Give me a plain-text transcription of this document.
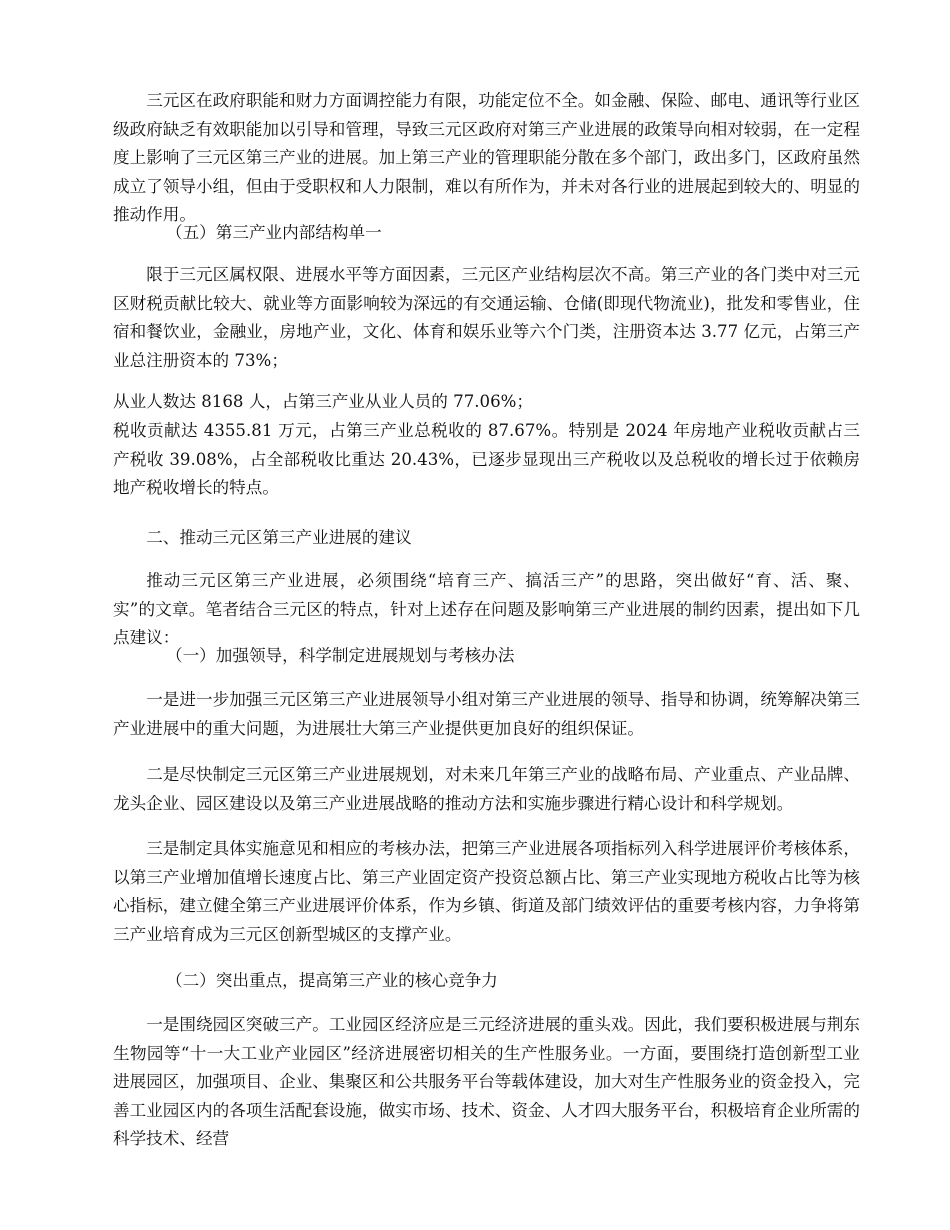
三元区在政府职能和财力方面调控能力有限，功能定位不全。如金融、保险、邮电、通讯等行业区级政府缺乏有效职能加以引导和管理，导致三元区政府对第三产业进展的政策导向相对较弱，在一定程度上影响了三元区第三产业的进展。加上第三产业的管理职能分散在多个部门，政出多门，区政府虽然成立了领导小组，但由于受职权和人力限制，难以有所作为，并未对各行业的进展起到较大的、明显的推动作用。
（五）第三产业内部结构单一
限于三元区属权限、进展水平等方面因素，三元区产业结构层次不高。第三产业的各门类中对三元区财税贡献比较大、就业等方面影响较为深远的有交通运输、仓储(即现代物流业)，批发和零售业，住宿和餐饮业，金融业，房地产业，文化、体育和娱乐业等六个门类，注册资本达 3.77 亿元，占第三产业总注册资本的 73%；
从业人数达 8168 人，占第三产业从业人员的 77.06%；
税收贡献达 4355.81 万元，占第三产业总税收的 87.67%。特别是 2024 年房地产业税收贡献占三产税收 39.08%，占全部税收比重达 20.43%，已逐步显现出三产税收以及总税收的增长过于依赖房地产税收增长的特点。
二、推动三元区第三产业进展的建议
推动三元区第三产业进展，必须围绕“培育三产、搞活三产”的思路，突出做好“育、活、聚、实”的文章。笔者结合三元区的特点，针对上述存在问题及影响第三产业进展的制约因素，提出如下几点建议：
（一）加强领导，科学制定进展规划与考核办法
一是进一步加强三元区第三产业进展领导小组对第三产业进展的领导、指导和协调，统筹解决第三产业进展中的重大问题，为进展壮大第三产业提供更加良好的组织保证。
二是尽快制定三元区第三产业进展规划，对未来几年第三产业的战略布局、产业重点、产业品牌、龙头企业、园区建设以及第三产业进展战略的推动方法和实施步骤进行精心设计和科学规划。
三是制定具体实施意见和相应的考核办法，把第三产业进展各项指标列入科学进展评价考核体系，以第三产业增加值增长速度占比、第三产业固定资产投资总额占比、第三产业实现地方税收占比等为核心指标，建立健全第三产业进展评价体系，作为乡镇、街道及部门绩效评估的重要考核内容，力争将第三产业培育成为三元区创新型城区的支撑产业。
（二）突出重点，提高第三产业的核心竞争力
一是围绕园区突破三产。工业园区经济应是三元经济进展的重头戏。因此，我们要积极进展与荆东生物园等“十一大工业产业园区”经济进展密切相关的生产性服务业。一方面，要围绕打造创新型工业进展园区，加强项目、企业、集聚区和公共服务平台等载体建设，加大对生产性服务业的资金投入，完善工业园区内的各项生活配套设施，做实市场、技术、资金、人才四大服务平台，积极培育企业所需的科学技术、经营
